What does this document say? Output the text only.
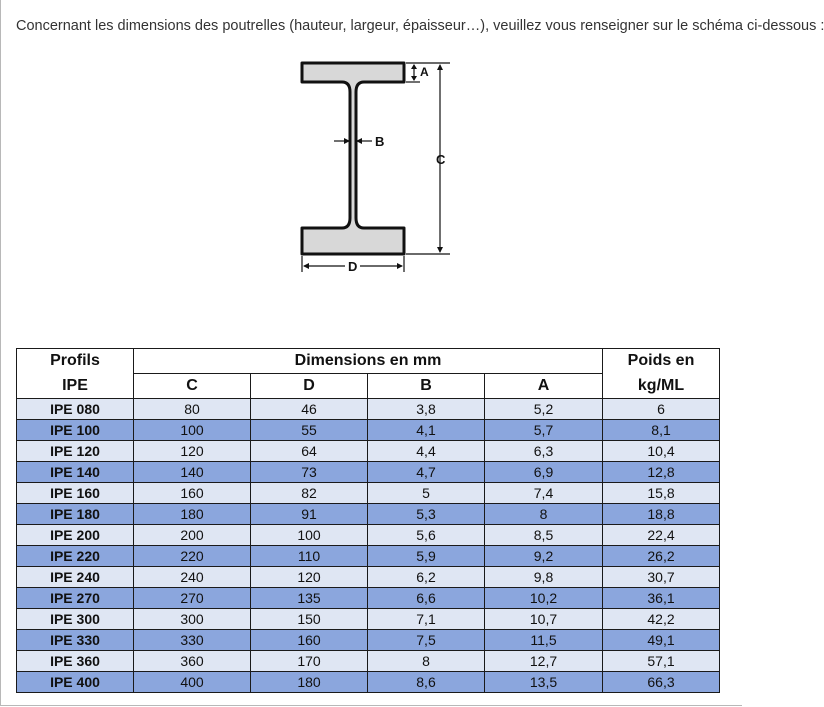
Concernant les dimensions des poutrelles (hauteur, largeur, épaisseur…), veuillez vous renseigner sur le schéma ci-dessous :
A
C
B
D
Profils	Dimensions en mm				Poids en
IPE	C	D	B	A	kg/ML
IPE 080	80	46	3,8	5,2	6
IPE 100	100	55	4,1	5,7	8,1
IPE 120	120	64	4,4	6,3	10,4
IPE 140	140	73	4,7	6,9	12,8
IPE 160	160	82	5	7,4	15,8
IPE 180	180	91	5,3	8	18,8
IPE 200	200	100	5,6	8,5	22,4
IPE 220	220	110	5,9	9,2	26,2
IPE 240	240	120	6,2	9,8	30,7
IPE 270	270	135	6,6	10,2	36,1
IPE 300	300	150	7,1	10,7	42,2
IPE 330	330	160	7,5	11,5	49,1
IPE 360	360	170	8	12,7	57,1
IPE 400	400	180	8,6	13,5	66,3
